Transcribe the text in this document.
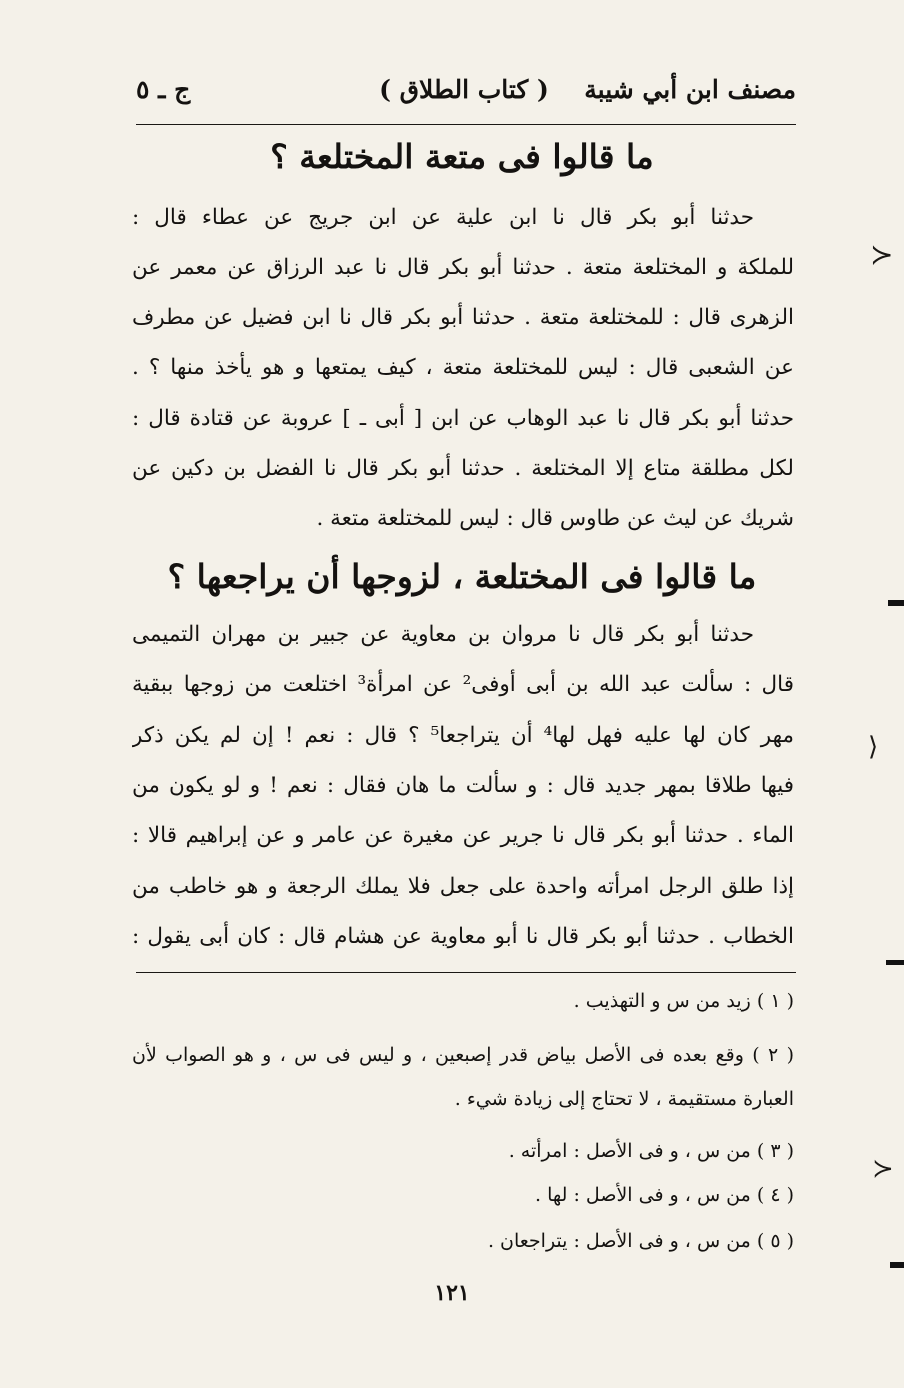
مصنف ابن أبي شيبة
( كتاب الطلاق )
ج ـ ٥
ما قالوا فى متعة المختلعة ؟
حدثنا أبو بكر قال نا ابن علية عن ابن جريج عن عطاء قال :
للملكة و المختلعة متعة . حدثنا أبو بكر قال نا عبد الرزاق عن معمر عن
الزهرى قال : للمختلعة متعة . حدثنا أبو بكر قال نا ابن فضيل عن مطرف
عن الشعبى قال : ليس للمختلعة متعة ، كيف يمتعها و هو يأخذ منها ؟ .
حدثنا أبو بكر قال نا عبد الوهاب عن ابن [ أبى ـ ] عروبة عن قتادة قال :
لكل مطلقة متاع إلا المختلعة . حدثنا أبو بكر قال نا الفضل بن دكين عن
شريك عن ليث عن طاوس قال : ليس للمختلعة متعة .
ما قالوا فى المختلعة ، لزوجها أن يراجعها ؟
حدثنا أبو بكر قال نا مروان بن معاوية عن جبير بن مهران التميمى
قال : سألت عبد الله بن أبى أوفى² عن امرأة³ اختلعت من زوجها ببقية
مهر كان لها عليه فهل لها⁴ أن يتراجعا⁵ ؟ قال : نعم ! إن لم يكن ذكر
فيها طلاقا بمهر جديد قال : و سألت ما هان فقال : نعم ! و لو يكون من
الماء . حدثنا أبو بكر قال نا جرير عن مغيرة عن عامر و عن إبراهيم قالا :
إذا طلق الرجل امرأته واحدة على جعل فلا يملك الرجعة و هو خاطب من
الخطاب . حدثنا أبو بكر قال نا أبو معاوية عن هشام قال : كان أبى يقول :
( ١ ) زيد من س و التهذيب .
( ٢ ) وقع بعده فى الأصل بياض قدر إصبعين ، و ليس فى س ، و هو الصواب لأن
العبارة مستقيمة ، لا تحتاج إلى زيادة شيء .
( ٣ ) من س ، و فى الأصل : امرأته .
( ٤ ) من س ، و فى الأصل : لها .
( ٥ ) من س ، و فى الأصل : يتراجعان .
١٢١
≻
⟩
≻
